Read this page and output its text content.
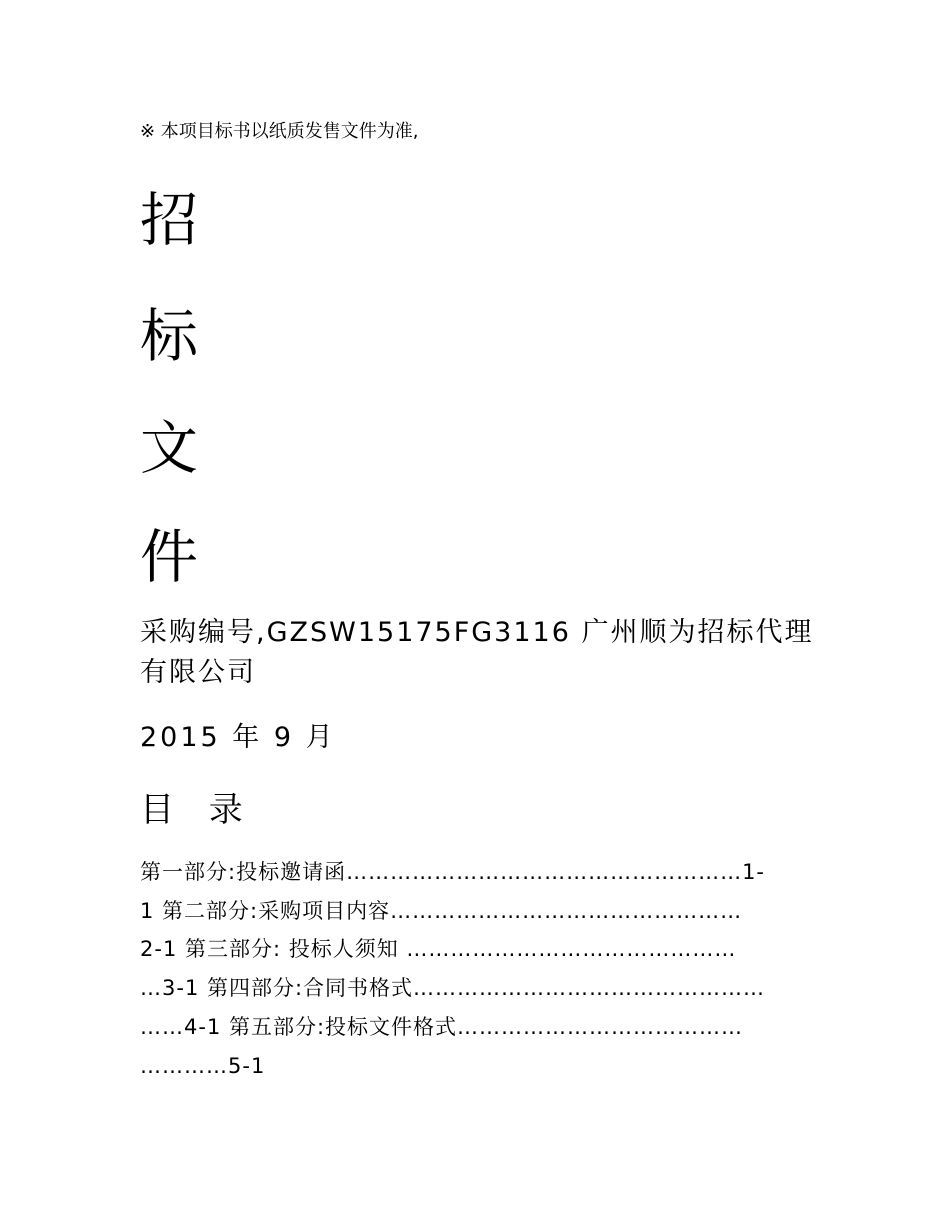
※ 本项目标书以纸质发售文件为准,
招
标
文
件
采购编号,GZSW15175FG3116 广州顺为招标代理有限公司
2015 年 9 月
目 录
第一部分:投标邀请函………………………………………………1-
1 第二部分:采购项目内容…………………………………………
2-1 第三部分: 投标人须知 ………………………………………
…3-1 第四部分:合同书格式…………………………………………
……4-1 第五部分:投标文件格式…………………………………
…………5-1
